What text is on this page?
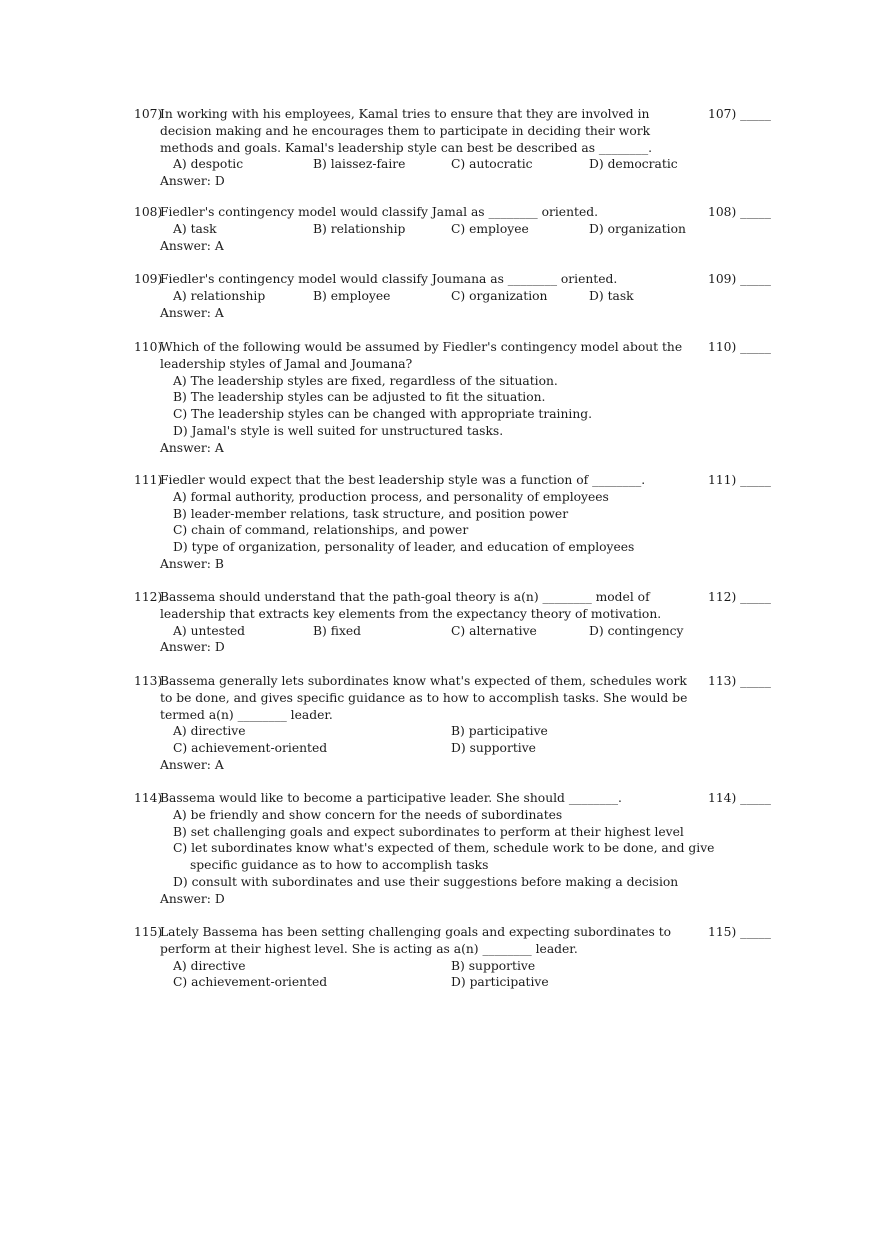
107)
In working with his employees, Kamal tries to ensure that they are involved in decision making and he encourages them to participate in deciding their work methods and goals. Kamal's leadership style can best be described as ________.
A) despotic	B) laissez-faire	C) autocratic	D) democratic
Answer: D
107) _____
108)
Fiedler's contingency model would classify Jamal as ________ oriented.
A) task	B) relationship	C) employee	D) organization
Answer: A
108) _____
109)
Fiedler's contingency model would classify Joumana as ________ oriented.
A) relationship	B) employee	C) organization	D) task
Answer: A
109) _____
110)
Which of the following would be assumed by Fiedler's contingency model about the leadership styles of Jamal and Joumana?
A) The leadership styles are fixed, regardless of the situation.
B) The leadership styles can be adjusted to fit the situation.
C) The leadership styles can be changed with appropriate training.
D) Jamal's style is well suited for unstructured tasks.
Answer: A
110) _____
111)
Fiedler would expect that the best leadership style was a function of ________.
A) formal authority, production process, and personality of employees
B) leader-member relations, task structure, and position power
C) chain of command, relationships, and power
D) type of organization, personality of leader, and education of employees
Answer: B
111) _____
112)
Bassema should understand that the path-goal theory is a(n) ________ model of leadership that extracts key elements from the expectancy theory of motivation.
A) untested	B) fixed	C) alternative	D) contingency
Answer: D
112) _____
113)
Bassema generally lets subordinates know what's expected of them, schedules work to be done, and gives specific guidance as to how to accomplish tasks. She would be termed a(n) ________ leader.
A) directive	B) participative
C) achievement-oriented	D) supportive
Answer: A
113) _____
114)
Bassema would like to become a participative leader. She should ________.
A) be friendly and show concern for the needs of subordinates
B) set challenging goals and expect subordinates to perform at their highest level
C) let subordinates know what's expected of them, schedule work to be done, and give
specific guidance as to how to accomplish tasks
D) consult with subordinates and use their suggestions before making a decision
Answer: D
114) _____
115)
Lately Bassema has been setting challenging goals and expecting subordinates to perform at their highest level. She is acting as a(n) ________ leader.
A) directive	B) supportive
C) achievement-oriented	D) participative
115) _____
